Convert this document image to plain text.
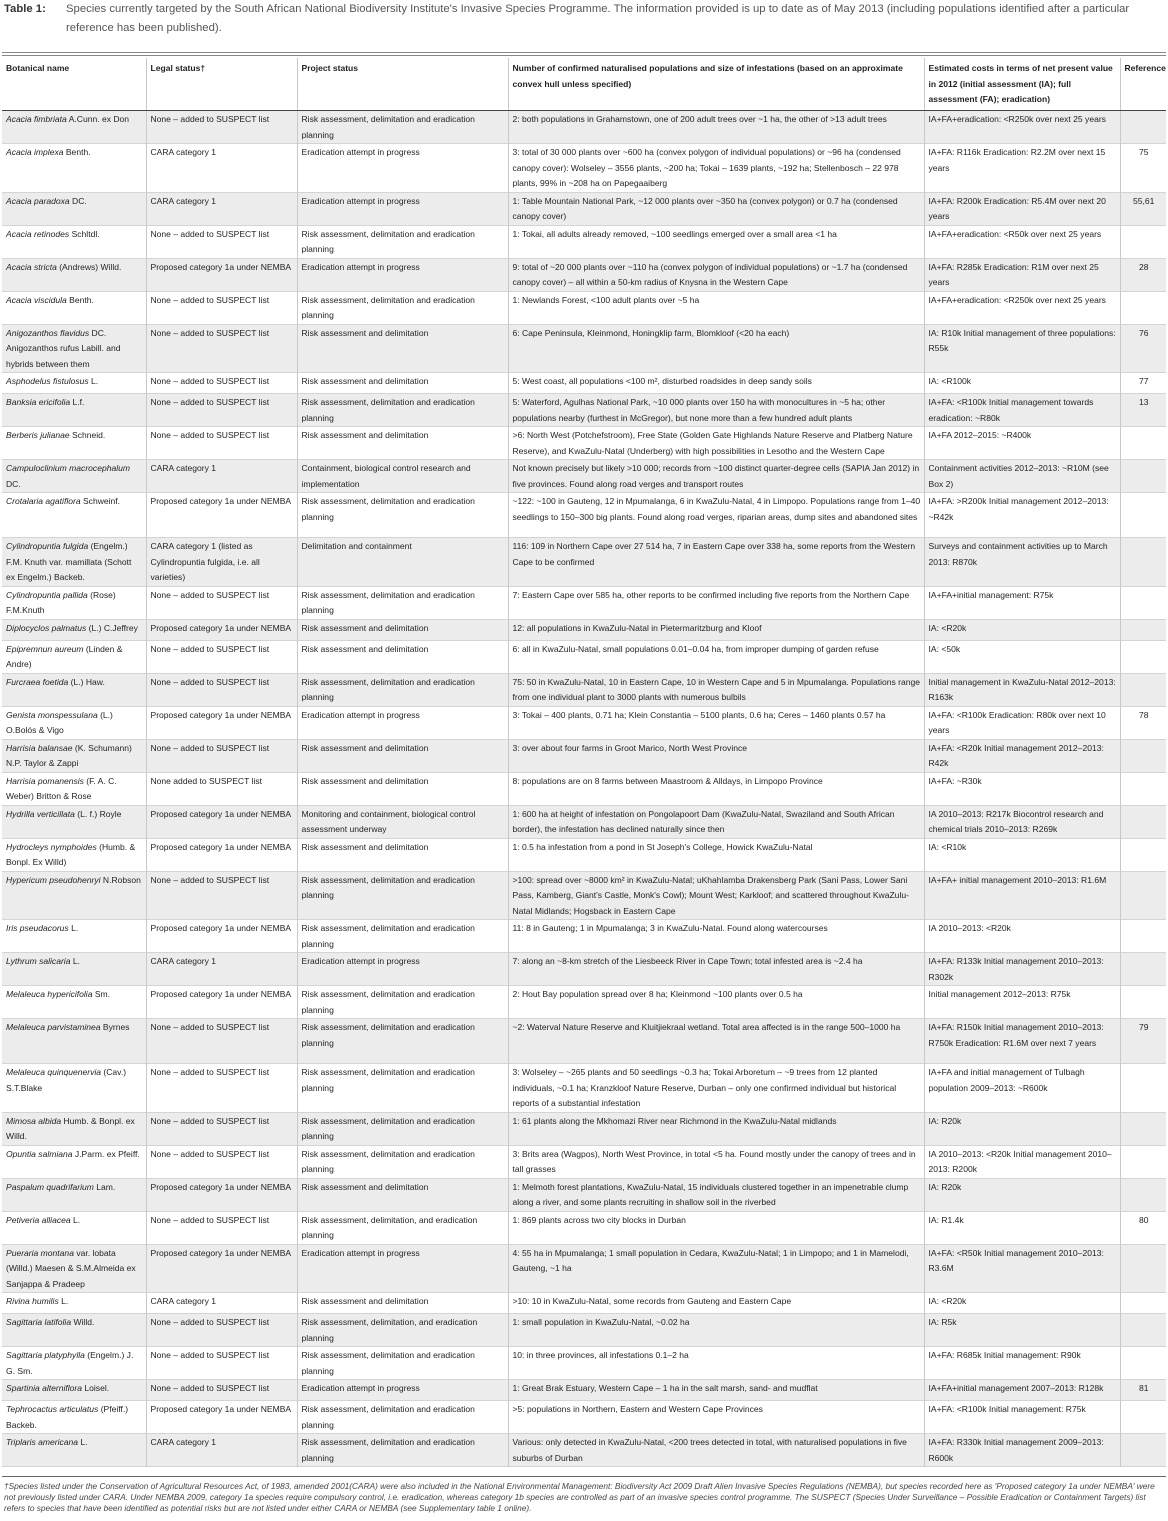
Table 1: Species currently targeted by the South African National Biodiversity Institute's Invasive Species Programme. The information provided is up to date as of May 2013 (including populations identified after a particular reference has been published).
Botanical name	Legal status†	Project status	Number of confirmed naturalised populations and size of infestations (based on an approximate convex hull unless specified)	Estimated costs in terms of net present value in 2012 (initial assessment (IA); full assessment (FA); eradication)	Reference
Acacia fimbriata A.Cunn. ex Don	None – added to SUSPECT list	Risk assessment, delimitation and eradication planning	2: both populations in Grahamstown, one of 200 adult trees over ~1 ha, the other of >13 adult trees	IA+FA+eradication: <R250k over next 25 years	
Acacia implexa Benth.	CARA category 1	Eradication attempt in progress	3: total of 30 000 plants over ~600 ha (convex polygon of individual populations) or ~96 ha (condensed canopy cover): Wolseley – 3556 plants, ~200 ha; Tokai – 1639 plants, ~192 ha; Stellenbosch – 22 978 plants, 99% in ~208 ha on Papegaaiberg	IA+FA: R116k Eradication: R2.2M over next 15 years	75
Acacia paradoxa DC.	CARA category 1	Eradication attempt in progress	1: Table Mountain National Park, ~12 000 plants over ~350 ha (convex polygon) or 0.7 ha (condensed canopy cover)	IA+FA: R200k Eradication: R5.4M over next 20 years	55,61
Acacia retinodes Schltdl.	None – added to SUSPECT list	Risk assessment, delimitation and eradication planning	1: Tokai, all adults already removed, ~100 seedlings emerged over a small area <1 ha	IA+FA+eradication: <R50k over next 25 years	
Acacia stricta (Andrews) Willd.	Proposed category 1a under NEMBA	Eradication attempt in progress	9: total of ~20 000 plants over ~110 ha (convex polygon of individual populations) or ~1.7 ha (condensed canopy cover) – all within a 50-km radius of Knysna in the Western Cape	IA+FA: R285k Eradication: R1M over next 25 years	28
Acacia viscidula Benth.	None – added to SUSPECT list	Risk assessment, delimitation and eradication planning	1: Newlands Forest, <100 adult plants over ~5 ha	IA+FA+eradication: <R250k over next 25 years	
Anigozanthos flavidus DC. Anigozanthos rufus Labill. and hybrids between them	None – added to SUSPECT list	Risk assessment and delimitation	6: Cape Peninsula, Kleinmond, Honingklip farm, Blomkloof (<20 ha each)	IA: R10k Initial management of three populations: R55k	76
Asphodelus fistulosus L.	None – added to SUSPECT list	Risk assessment and delimitation	5: West coast, all populations <100 m², disturbed roadsides in deep sandy soils	IA: <R100k	77
Banksia ericifolia L.f.	None – added to SUSPECT list	Risk assessment, delimitation and eradication planning	5: Waterford, Agulhas National Park, ~10 000 plants over 150 ha with monocultures in ~5 ha; other populations nearby (furthest in McGregor), but none more than a few hundred adult plants	IA+FA: <R100k Initial management towards eradication: ~R80k	13
Berberis julianae Schneid.	None – added to SUSPECT list	Risk assessment and delimitation	>6: North West (Potchefstroom), Free State (Golden Gate Highlands Nature Reserve and Platberg Nature Reserve), and KwaZulu-Natal (Underberg) with high possibilities in Lesotho and the Western Cape	IA+FA 2012–2015: ~R400k	
Campuloclinium macrocephalum DC.	CARA category 1	Containment, biological control research and implementation	Not known precisely but likely >10 000; records from ~100 distinct quarter-degree cells (SAPIA Jan 2012) in five provinces. Found along road verges and transport routes	Containment activities 2012–2013: ~R10M (see Box 2)	
Crotalaria agatiflora Schweinf.	Proposed category 1a under NEMBA	Risk assessment, delimitation and eradication planning	~122: ~100 in Gauteng, 12 in Mpumalanga, 6 in KwaZulu-Natal, 4 in Limpopo. Populations range from 1–40 seedlings to 150–300 big plants. Found along road verges, riparian areas, dump sites and abandoned sites	IA+FA: >R200k Initial management 2012–2013: ~R42k	
Cylindropuntia fulgida (Engelm.) F.M. Knuth var. mamillata (Schott ex Engelm.) Backeb.	CARA category 1 (listed as Cylindropuntia fulgida, i.e. all varieties)	Delimitation and containment	116: 109 in Northern Cape over 27 514 ha, 7 in Eastern Cape over 338 ha, some reports from the Western Cape to be confirmed	Surveys and containment activities up to March 2013: R870k	
Cylindropuntia pallida (Rose) F.M.Knuth	None – added to SUSPECT list	Risk assessment, delimitation and eradication planning	7: Eastern Cape over 585 ha, other reports to be confirmed including five reports from the Northern Cape	IA+FA+initial management: R75k	
Diplocyclos palmatus (L.) C.Jeffrey	Proposed category 1a under NEMBA	Risk assessment and delimitation	12: all populations in KwaZulu-Natal in Pietermaritzburg and Kloof	IA: <R20k	
Epipremnun aureum (Linden & Andre)	None – added to SUSPECT list	Risk assessment and delimitation	6: all in KwaZulu-Natal, small populations 0.01–0.04 ha, from improper dumping of garden refuse	IA: <50k	
Furcraea foetida (L.) Haw.	None – added to SUSPECT list	Risk assessment, delimitation and eradication planning	75: 50 in KwaZulu-Natal, 10 in Eastern Cape, 10 in Western Cape and 5 in Mpumalanga. Populations range from one individual plant to 3000 plants with numerous bulbils	Initial management in KwaZulu-Natal 2012–2013: R163k	
Genista monspessulana (L.) O.Bolós & Vigo	Proposed category 1a under NEMBA	Eradication attempt in progress	3: Tokai – 400 plants, 0.71 ha; Klein Constantia – 5100 plants, 0.6 ha; Ceres – 1460 plants 0.57 ha	IA+FA: <R100k Eradication: R80k over next 10 years	78
Harrisia balansae (K. Schumann) N.P. Taylor & Zappi	None – added to SUSPECT list	Risk assessment and delimitation	3: over about four farms in Groot Marico, North West Province	IA+FA: <R20k Initial management 2012–2013: R42k	
Harrisia pomanensis (F. A. C. Weber) Britton & Rose	None added to SUSPECT list	Risk assessment and delimitation	8: populations are on 8 farms between Maastroom & Alldays, in Limpopo Province	IA+FA: ~R30k	
Hydrilla verticillata (L. f.) Royle	Proposed category 1a under NEMBA	Monitoring and containment, biological control assessment underway	1: 600 ha at height of infestation on Pongolapoort Dam (KwaZulu-Natal, Swaziland and South African border), the infestation has declined naturally since then	IA 2010–2013: R217k Biocontrol research and chemical trials 2010–2013: R269k	
Hydrocleys nymphoides (Humb. & Bonpl. Ex Willd)	Proposed category 1a under NEMBA	Risk assessment and delimitation	1: 0.5 ha infestation from a pond in St Joseph's College, Howick KwaZulu-Natal	IA: <R10k	
Hypericum pseudohenryi N.Robson	None – added to SUSPECT list	Risk assessment, delimitation and eradication planning	>100: spread over ~8000 km² in KwaZulu-Natal; uKhahlamba Drakensberg Park (Sani Pass, Lower Sani Pass, Kamberg, Giant's Castle, Monk's Cowl); Mount West; Karkloof; and scattered throughout KwaZulu-Natal Midlands; Hogsback in Eastern Cape	IA+FA+ initial management 2010–2013: R1.6M	
Iris pseudacorus L.	Proposed category 1a under NEMBA	Risk assessment, delimitation and eradication planning	11: 8 in Gauteng; 1 in Mpumalanga; 3 in KwaZulu-Natal. Found along watercourses	IA 2010–2013: <R20k	
Lythrum salicaria L.	CARA category 1	Eradication attempt in progress	7: along an ~8-km stretch of the Liesbeeck River in Cape Town; total infested area is ~2.4 ha	IA+FA: R133k Initial management 2010–2013: R302k	
Melaleuca hypericifolia Sm.	Proposed category 1a under NEMBA	Risk assessment, delimitation and eradication planning	2: Hout Bay population spread over 8 ha; Kleinmond ~100 plants over 0.5 ha	Initial management 2012–2013: R75k	
Melaleuca parvistaminea Byrnes	None – added to SUSPECT list	Risk assessment, delimitation and eradication planning	~2: Waterval Nature Reserve and Kluitjiekraal wetland. Total area affected is in the range 500–1000 ha	IA+FA: R150k Initial management 2010–2013: R750k Eradication: R1.6M over next 7 years	79
Melaleuca quinquenervia (Cav.) S.T.Blake	None – added to SUSPECT list	Risk assessment, delimitation and eradication planning	3: Wolseley – ~265 plants and 50 seedlings ~0.3 ha; Tokai Arboretum – ~9 trees from 12 planted individuals, ~0.1 ha; Kranzkloof Nature Reserve, Durban – only one confirmed individual but historical reports of a substantial infestation	IA+FA and initial management of Tulbagh population 2009–2013: ~R600k	
Mimosa albida Humb. & Bonpl. ex Willd.	None – added to SUSPECT list	Risk assessment, delimitation and eradication planning	1: 61 plants along the Mkhomazi River near Richmond in the KwaZulu-Natal midlands	IA: R20k	
Opuntia salmiana J.Parm. ex Pfeiff.	None – added to SUSPECT list	Risk assessment, delimitation and eradication planning	3: Brits area (Wagpos), North West Province, in total <5 ha. Found mostly under the canopy of trees and in tall grasses	IA 2010–2013: <R20k Initial management 2010–2013: R200k	
Paspalum quadrifarium Lam.	Proposed category 1a under NEMBA	Risk assessment and delimitation	1: Melmoth forest plantations, KwaZulu-Natal, 15 individuals clustered together in an impenetrable clump along a river, and some plants recruiting in shallow soil in the riverbed	IA: R20k	
Petiveria alliacea L.	None – added to SUSPECT list	Risk assessment, delimitation, and eradication planning	1: 869 plants across two city blocks in Durban	IA: R1.4k	80
Pueraria montana var. lobata (Willd.) Maesen & S.M.Almeida ex Sanjappa & Pradeep	Proposed category 1a under NEMBA	Eradication attempt in progress	4: 55 ha in Mpumalanga; 1 small population in Cedara, KwaZulu-Natal; 1 in Limpopo; and 1 in Mamelodi, Gauteng, ~1 ha	IA+FA: <R50k Initial management 2010–2013: R3.6M	
Rivina humilis L.	CARA category 1	Risk assessment and delimitation	>10: 10 in KwaZulu-Natal, some records from Gauteng and Eastern Cape	IA: <R20k	
Sagittaria latifolia Willd.	None – added to SUSPECT list	Risk assessment, delimitation, and eradication planning	1: small population in KwaZulu-Natal, ~0.02 ha	IA: R5k	
Sagittaria platyphylla (Engelm.) J. G. Sm.	None – added to SUSPECT list	Risk assessment, delimitation and eradication planning	10: in three provinces, all infestations 0.1–2 ha	IA+FA: R685k Initial management: R90k	
Spartinia alterniflora Loisel.	None – added to SUSPECT list	Eradication attempt in progress	1: Great Brak Estuary, Western Cape – 1 ha in the salt marsh, sand- and mudflat	IA+FA+initial management 2007–2013: R128k	81
Tephrocactus articulatus (Pfeiff.) Backeb.	Proposed category 1a under NEMBA	Risk assessment, delimitation and eradication planning	>5: populations in Northern, Eastern and Western Cape Provinces	IA+FA: <R100k Initial management: R75k	
Triplaris americana L.	CARA category 1	Risk assessment, delimitation and eradication planning	Various: only detected in KwaZulu-Natal, <200 trees detected in total, with naturalised populations in five suburbs of Durban	IA+FA: R330k Initial management 2009–2013: R600k	
†Species listed under the Conservation of Agricultural Resources Act, of 1983, amended 2001(CARA) were also included in the National Environmental Management: Biodiversity Act 2009 Draft Alien Invasive Species Regulations (NEMBA), but species recorded here as 'Proposed category 1a under NEMBA' were not previously listed under CARA. Under NEMBA 2009, category 1a species require compulsory control, i.e. eradication, whereas category 1b species are controlled as part of an invasive species control programme. The SUSPECT (Species Under Surveillance – Possible Eradication or Containment Targets) list refers to species that have been identified as potential risks but are not listed under either CARA or NEMBA (see Supplementary table 1 online).
